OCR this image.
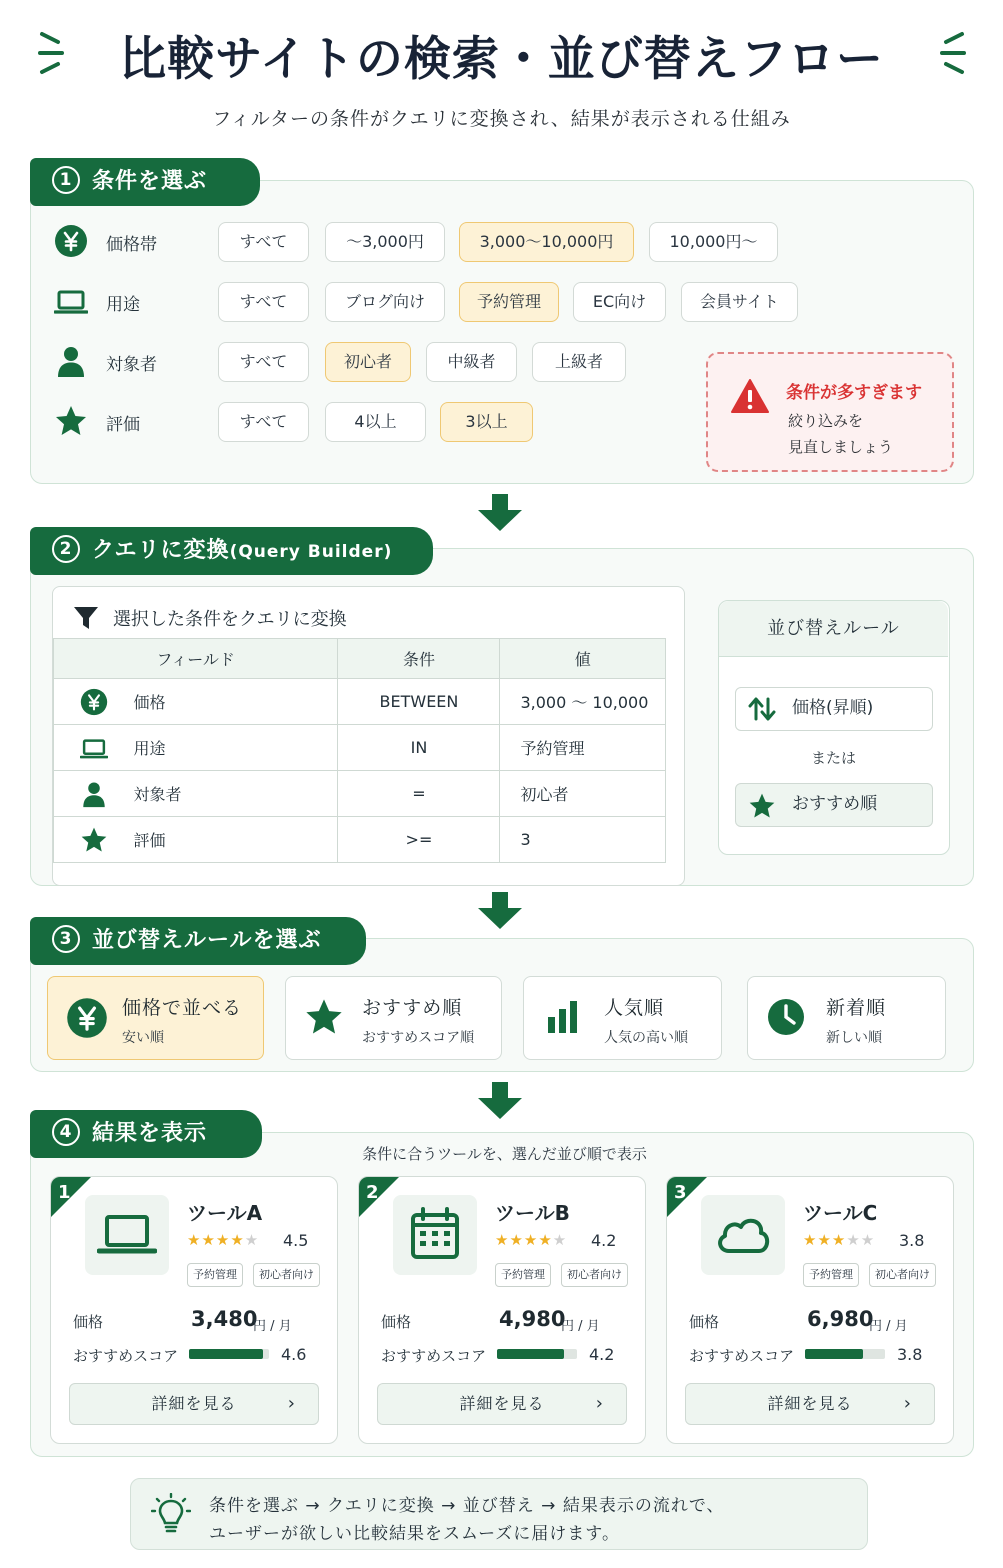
比較サイトの検索・並び替えフロー
フィルターの条件がクエリに変換され、結果が表示される仕組み
1 条件を選ぶ
価格帯	すべて	〜3,000円	3,000〜10,000円	10,000円〜
用途	すべて	ブログ向け	予約管理	EC向け	会員サイト
対象者	すべて	初心者	中級者	上級者
評価	すべて	4以上	3以上
条件が多すぎます
絞り込みを
見直しましょう
2 クエリに変換(Query Builder)
選択した条件をクエリに変換
フィールド		条件	値
	価格	BETWEEN	3,000 〜 10,000
	用途	IN	予約管理
	対象者	=	初心者
	評価	>=	3
並び替えルール
価格(昇順)
または
おすすめ順
3 並び替えルールを選ぶ
価格で並べる
安い順
おすすめ順
おすすめスコア順
人気順
人気の高い順
新着順
新しい順
4 結果を表示
条件に合うツールを、選んだ並び順で表示
1
ツールA
★★★★★ 4.5
予約管理	初心者向け
価格	3,480
円 / 月
おすすめスコア	4.6
詳細を見る	›
2
ツールB
★★★★★ 4.2
予約管理	初心者向け
価格	4,980
円 / 月
おすすめスコア	4.2
詳細を見る	›
3
ツールC
★★★★★ 3.8
予約管理	初心者向け
価格	6,980
円 / 月
おすすめスコア	3.8
詳細を見る	›
条件を選ぶ → クエリに変換 → 並び替え → 結果表示の流れで、
ユーザーが欲しい比較結果をスムーズに届けます。
